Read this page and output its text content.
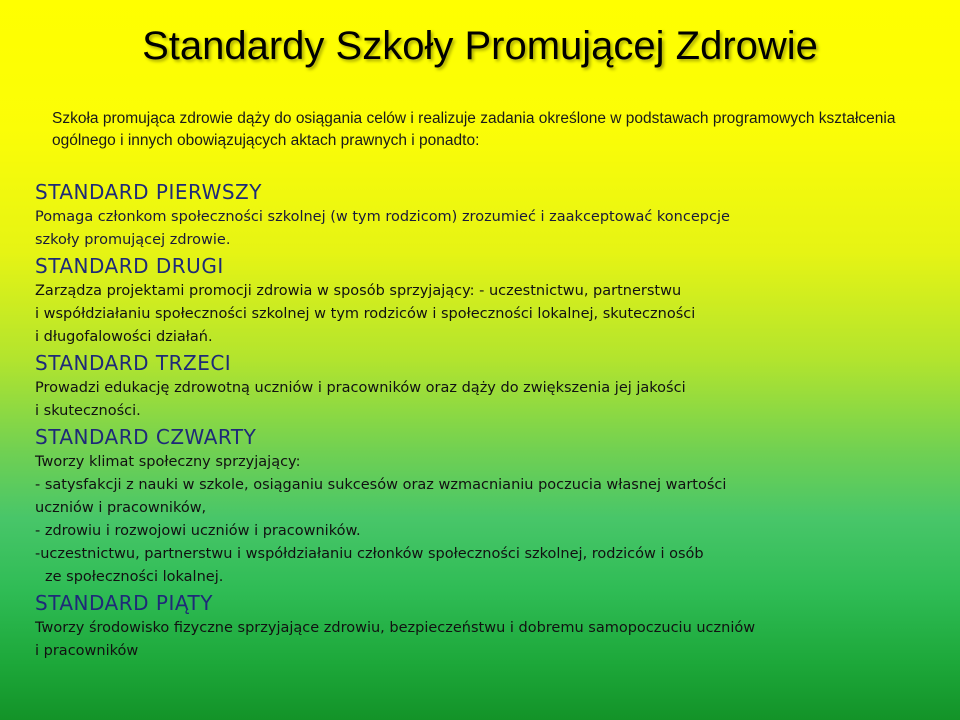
Standardy Szkoły Promującej Zdrowie
Szkoła promująca zdrowie dąży do osiągania celów i realizuje zadania określone w podstawach programowych kształcenia ogólnego i innych obowiązujących aktach prawnych i ponadto:
STANDARD PIERWSZY
Pomaga członkom społeczności szkolnej (w tym rodzicom) zrozumieć i zaakceptować koncepcje
szkoły promującej zdrowie.
STANDARD DRUGI
Zarządza projektami promocji zdrowia w sposób sprzyjający: - uczestnictwu, partnerstwu
i współdziałaniu społeczności szkolnej w tym rodziców i społeczności lokalnej, skuteczności
i długofalowości działań.
STANDARD TRZECI
Prowadzi edukację zdrowotną uczniów i pracowników oraz dąży do zwiększenia jej jakości
i skuteczności.
STANDARD CZWARTY
Tworzy klimat społeczny sprzyjający:
- satysfakcji z nauki w szkole, osiąganiu sukcesów oraz wzmacnianiu poczucia własnej wartości
uczniów i pracowników,
- zdrowiu i rozwojowi uczniów i pracowników.
-uczestnictwu, partnerstwu i współdziałaniu członków społeczności szkolnej, rodziców i osób
ze społeczności lokalnej.
STANDARD PIĄTY
Tworzy środowisko fizyczne sprzyjające zdrowiu, bezpieczeństwu i dobremu samopoczuciu uczniów
i pracowników
